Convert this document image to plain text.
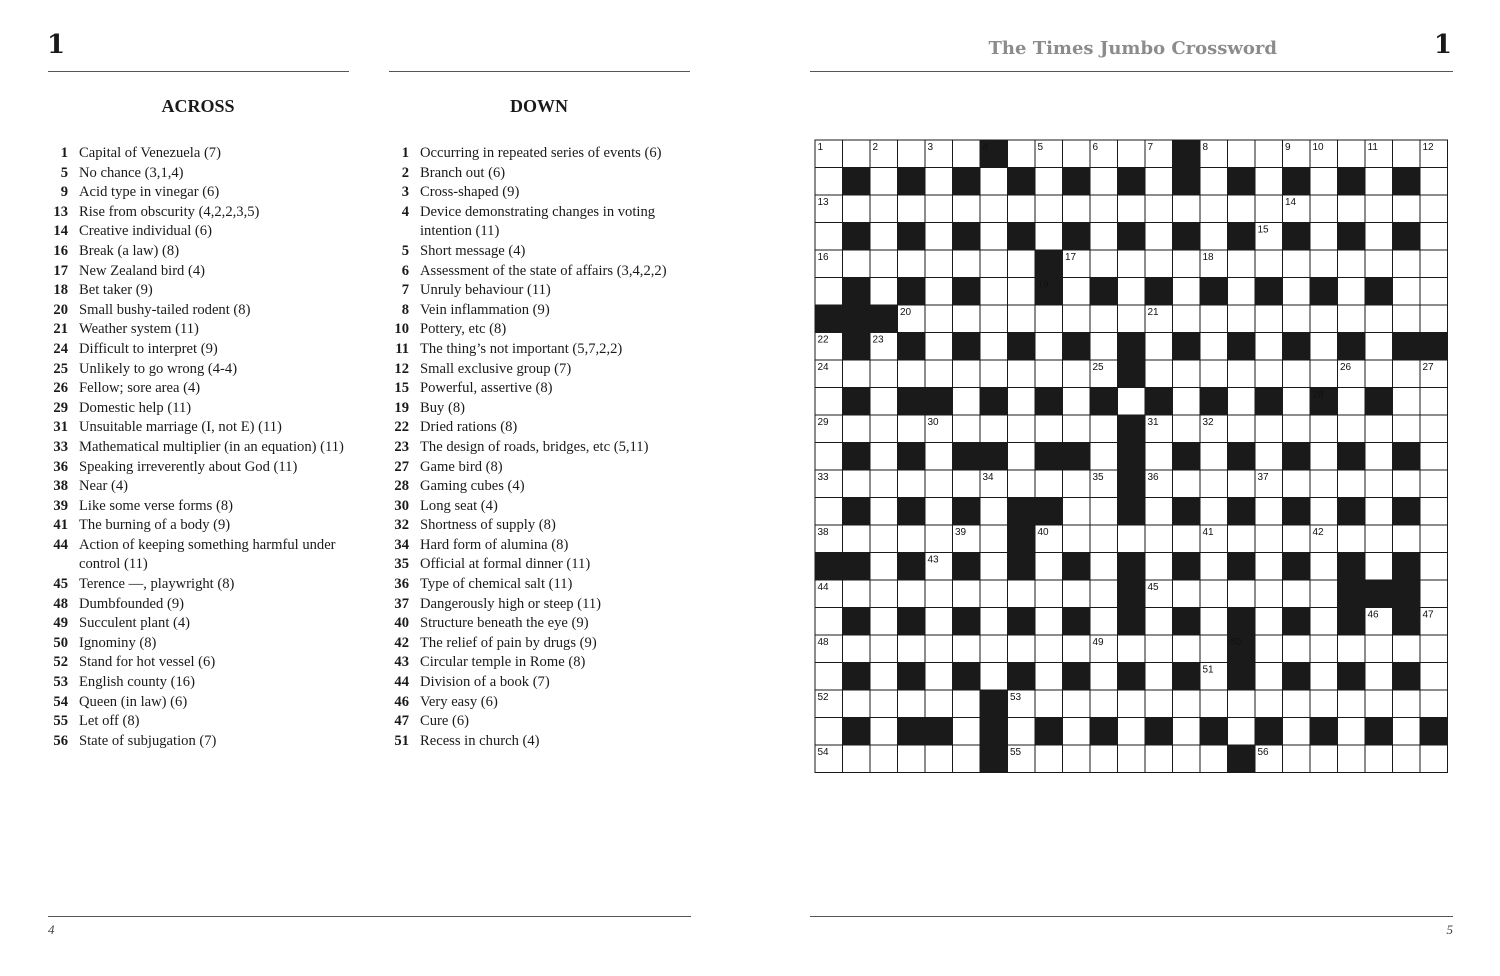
1	The Times Jumbo Crossword	1
ACROSS
1 Capital of Venezuela (7)
5 No chance (3,1,4)
9 Acid type in vinegar (6)
13 Rise from obscurity (4,2,2,3,5)
14 Creative individual (6)
16 Break (a law) (8)
17 New Zealand bird (4)
18 Bet taker (9)
20 Small bushy-tailed rodent (8)
21 Weather system (11)
24 Difficult to interpret (9)
25 Unlikely to go wrong (4-4)
26 Fellow; sore area (4)
29 Domestic help (11)
31 Unsuitable marriage (I, not E) (11)
33 Mathematical multiplier (in an equation) (11)
36 Speaking irreverently about God (11)
38 Near (4)
39 Like some verse forms (8)
41 The burning of a body (9)
44 Action of keeping something harmful under control (11)
45 Terence —, playwright (8)
48 Dumbfounded (9)
49 Succulent plant (4)
50 Ignominy (8)
52 Stand for hot vessel (6)
53 English county (16)
54 Queen (in law) (6)
55 Let off (8)
56 State of subjugation (7)
DOWN
1 Occurring in repeated series of events (6)
2 Branch out (6)
3 Cross-shaped (9)
4 Device demonstrating changes in voting intention (11)
5 Short message (4)
6 Assessment of the state of affairs (3,4,2,2)
7 Unruly behaviour (11)
8 Vein inflammation (9)
10 Pottery, etc (8)
11 The thing’s not important (5,7,2,2)
12 Small exclusive group (7)
15 Powerful, assertive (8)
19 Buy (8)
22 Dried rations (8)
23 The design of roads, bridges, etc (5,11)
27 Game bird (8)
28 Gaming cubes (4)
30 Long seat (4)
32 Shortness of supply (8)
34 Hard form of alumina (8)
35 Official at formal dinner (11)
36 Type of chemical salt (11)
37 Dangerously high or steep (11)
40 Structure beneath the eye (9)
42 The relief of pain by drugs (9)
43 Circular temple in Rome (8)
44 Division of a book (7)
46 Very easy (6)
47 Cure (6)
51 Recess in church (4)
1	2	3	4	5	6	7	8	9 10	11	12
13	14
15
16	17	18
19
20	21
22	23
24	25	26	27
28
29	30	31	32
33	34	35	36	37
38	39	40	41	42
43
44	45
46	47
48	49	50
51
52	53
54	55	56
4	5
